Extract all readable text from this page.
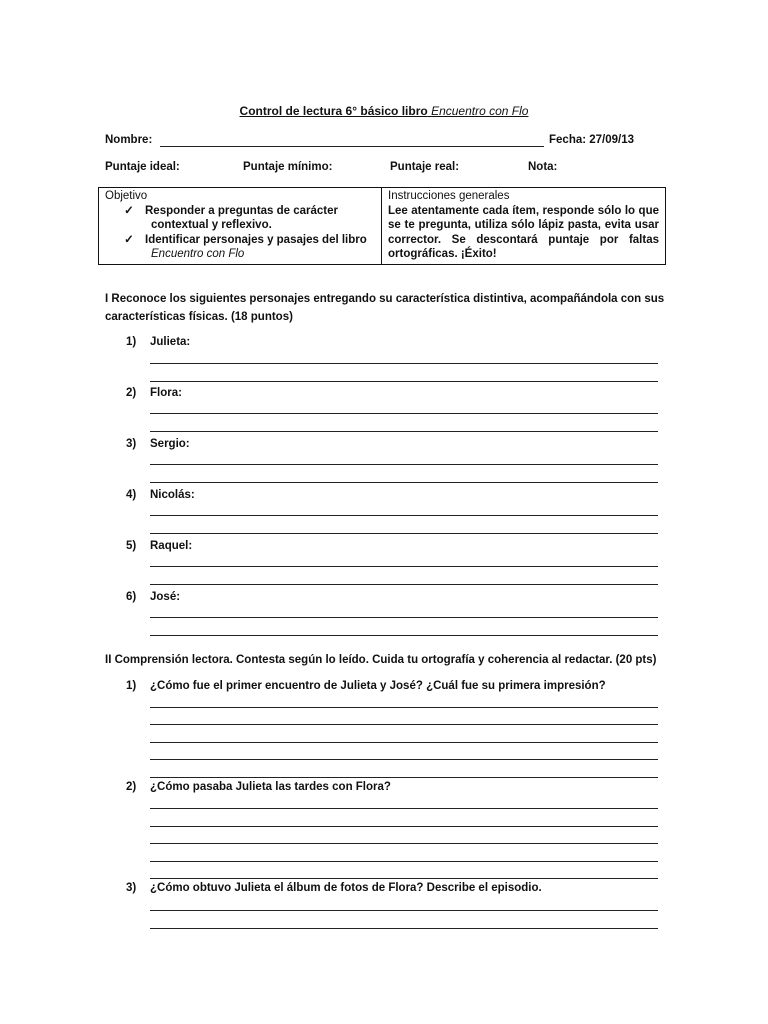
Control de lectura 6° básico libro Encuentro con Flo
Nombre:	Fecha: 27/09/13
Puntaje ideal:	Puntaje mínimo:	Puntaje real:	Nota:
Objetivo
✓ Responder a preguntas de carácter
contextual y reflexivo.
✓ Identificar personajes y pasajes del libro
Encuentro con Flo

Instrucciones generales
Lee atentamente cada ítem, responde sólo lo que se te pregunta, utiliza sólo lápiz pasta, evita usar corrector. Se descontará puntaje por faltas ortográficas. ¡Éxito!
I Reconoce los siguientes personajes entregando su característica distintiva, acompañándola con sus
características físicas. (18 puntos)
1) Julieta:
2) Flora:
3) Sergio:
4) Nicolás:
5) Raquel:
6) José:
II Comprensión lectora. Contesta según lo leído. Cuida tu ortografía y coherencia al redactar. (20 pts)
1) ¿Cómo fue el primer encuentro de Julieta y José? ¿Cuál fue su primera impresión?
2) ¿Cómo pasaba Julieta las tardes con Flora?
3) ¿Cómo obtuvo Julieta el álbum de fotos de Flora? Describe el episodio.
